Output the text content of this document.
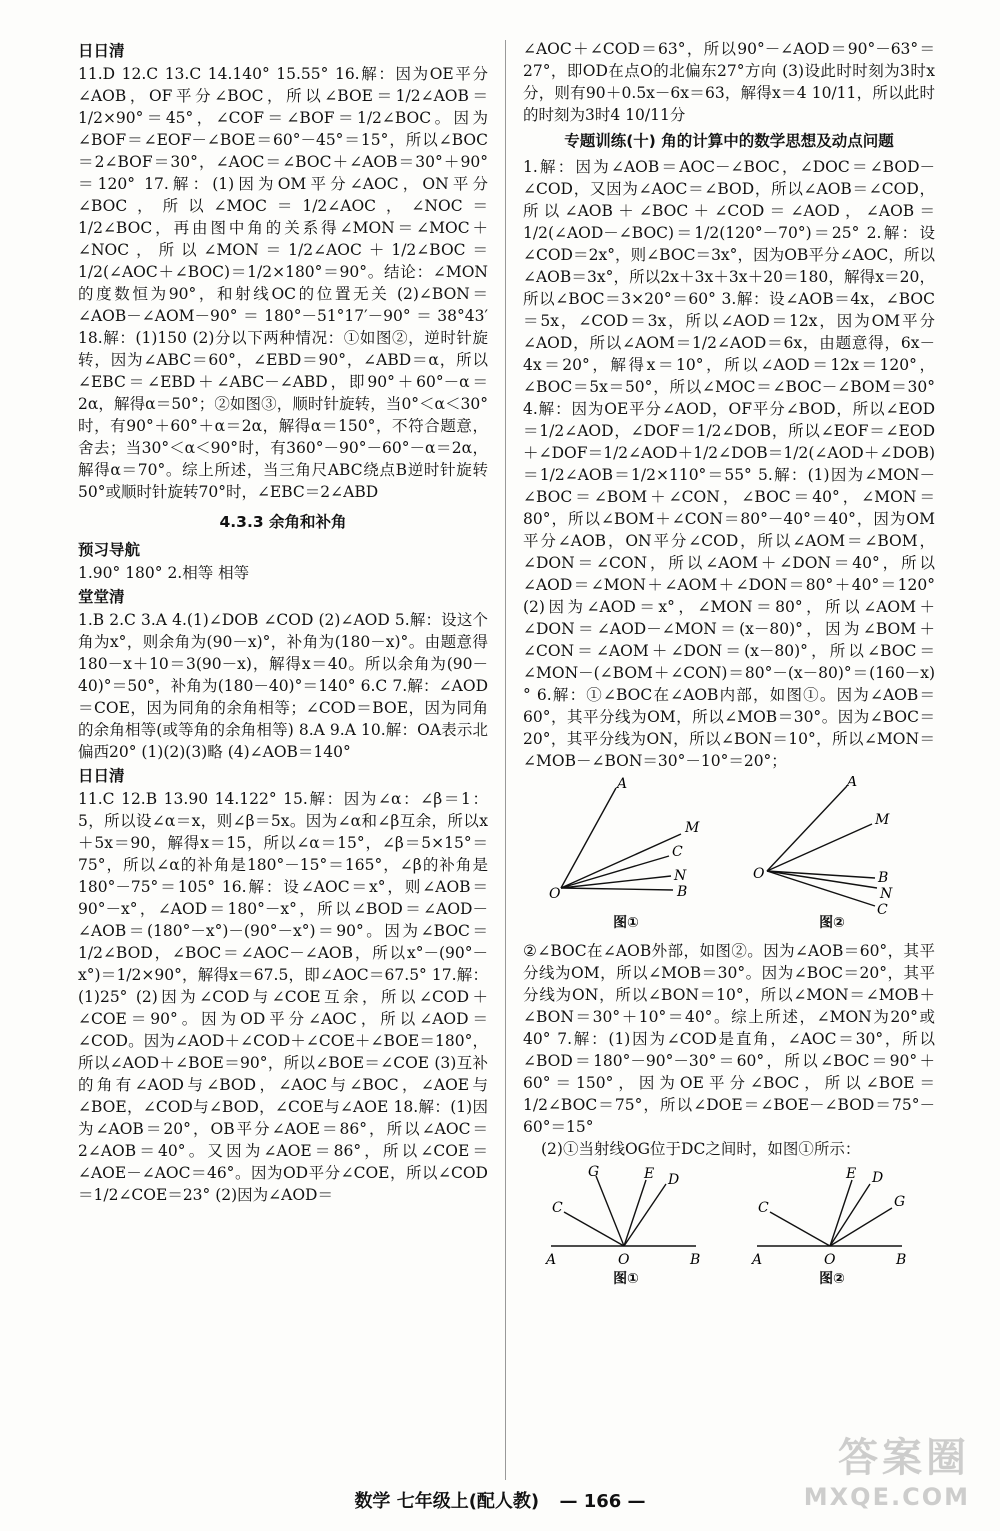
日日清

11.D 12.C 13.C 14.140° 15.55° 16.解：因为OE平分∠AOB，OF平分∠BOC，所以∠BOE＝1/2∠AOB＝1/2×90°＝45°，∠COF＝∠BOF＝1/2∠BOC。因为∠BOF＝∠EOF－∠BOE＝60°－45°＝15°，所以∠BOC＝2∠BOF＝30°，∠AOC＝∠BOC＋∠AOB＝30°＋90°＝120° 17.解：(1)因为OM平分∠AOC，ON平分∠BOC，所以∠MOC＝1/2∠AOC，∠NOC＝1/2∠BOC，再由图中角的关系得∠MON＝∠MOC＋∠NOC，所以∠MON＝1/2∠AOC＋1/2∠BOC＝1/2(∠AOC＋∠BOC)＝1/2×180°＝90°。结论：∠MON的度数恒为90°，和射线OC的位置无关 (2)∠BON＝∠AOB－∠AOM－90°＝180°－51°17′－90°＝38°43′ 18.解：(1)150 (2)分以下两种情况：①如图②，逆时针旋转，因为∠ABC＝60°，∠EBD＝90°，∠ABD＝α，所以∠EBC＝∠EBD＋∠ABC－∠ABD，即90°＋60°－α＝2α，解得α＝50°；②如图③，顺时针旋转，当0°＜α＜30°时，有90°＋60°＋α＝2α，解得α＝150°，不符合题意，舍去；当30°＜α＜90°时，有360°－90°－60°－α＝2α，解得α＝70°。综上所述，当三角尺ABC绕点B逆时针旋转50°或顺时针旋转70°时，∠EBC＝2∠ABD

4.3.3 余角和补角
预习导航

1.90° 180° 2.相等 相等

堂堂清

1.B 2.C 3.A 4.(1)∠DOB ∠COD (2)∠AOD 5.解：设这个角为x°，则余角为(90－x)°，补角为(180－x)°。由题意得180－x＋10＝3(90－x)，解得x＝40。所以余角为(90－40)°＝50°，补角为(180－40)°＝140° 6.C 7.解：∠AOD＝COE，因为同角的余角相等；∠COD＝BOE，因为同角的余角相等(或等角的余角相等) 8.A 9.A 10.解：OA表示北偏西20° (1)(2)(3)略 (4)∠AOB＝140°

日日清

11.C 12.B 13.90 14.122° 15.解：因为∠α：∠β＝1：5，所以设∠α＝x，则∠β＝5x。因为∠α和∠β互余，所以x＋5x＝90，解得x＝15，所以∠α＝15°，∠β＝5×15°＝75°，所以∠α的补角是180°－15°＝165°，∠β的补角是180°－75°＝105° 16.解：设∠AOC＝x°，则∠AOB＝90°－x°，∠AOD＝180°－x°，所以∠BOD＝∠AOD－∠AOB＝(180°－x°)－(90°－x°)＝90°。因为∠BOC＝1/2∠BOD，∠BOC＝∠AOC－∠AOB，所以x°－(90°－x°)＝1/2×90°，解得x＝67.5，即∠AOC＝67.5° 17.解：(1)25° (2)因为∠COD与∠COE互余，所以∠COD＋∠COE＝90°。因为OD平分∠AOC，所以∠AOD＝∠COD。因为∠AOD＋∠COD＋∠COE＋∠BOE＝180°，所以∠AOD＋∠BOE＝90°，所以∠BOE＝∠COE (3)互补的角有∠AOD与∠BOD，∠AOC与∠BOC，∠AOE与∠BOE，∠COD与∠BOD，∠COE与∠AOE 18.解：(1)因为∠AOB＝20°，OB平分∠AOE＝86°，所以∠AOC＝2∠AOB＝40°。又因为∠AOE＝86°，所以∠COE＝∠AOE－∠AOC＝46°。因为OD平分∠COE，所以∠COD＝1/2∠COE＝23° (2)因为∠AOD＝

∠AOC＋∠COD＝63°，所以90°－∠AOD＝90°－63°＝27°，即OD在点O的北偏东27°方向 (3)设此时时刻为3时x分，则有90＋0.5x－6x＝63，解得x＝4 10/11，所以此时的时刻为3时4 10/11分

专题训练(十) 角的计算中的数学思想及动点问题

1.解：因为∠AOB＝AOC－∠BOC，∠DOC＝∠BOD－∠COD，又因为∠AOC＝∠BOD，所以∠AOB＝∠COD，所以∠AOB＋∠BOC＋∠COD＝∠AOD，∠AOB＝1/2(∠AOD－∠BOC)＝1/2(120°－70°)＝25° 2.解：设∠COD＝2x°，则∠BOC＝3x°，因为OB平分∠AOC，所以∠AOB＝3x°，所以2x＋3x＋3x＋20＝180，解得x＝20，所以∠BOC＝3×20°＝60° 3.解：设∠AOB＝4x，∠BOC＝5x，∠COD＝3x，所以∠AOD＝12x，因为OM平分∠AOD，所以∠AOM＝1/2∠AOD＝6x，由题意得，6x－4x＝20°，解得x＝10°，所以∠AOD＝12x＝120°，∠BOC＝5x＝50°，所以∠MOC＝∠BOC－∠BOM＝30° 4.解：因为OE平分∠AOD，OF平分∠BOD，所以∠EOD＝1/2∠AOD，∠DOF＝1/2∠DOB，所以∠EOF＝∠EOD＋∠DOF＝1/2∠AOD＋1/2∠DOB＝1/2(∠AOD＋∠DOB)＝1/2∠AOB＝1/2×110°＝55° 5.解：(1)因为∠MON－∠BOC＝∠BOM＋∠CON，∠BOC＝40°，∠MON＝80°，所以∠BOM＋∠CON＝80°－40°＝40°，因为OM平分∠AOB，ON平分∠COD，所以∠AOM＝∠BOM，∠DON＝∠CON，所以∠AOM＋∠DON＝40°，所以∠AOD＝∠MON＋∠AOM＋∠DON＝80°＋40°＝120° (2)因为∠AOD＝x°，∠MON＝80°，所以∠AOM＋∠DON＝∠AOD－∠MON＝(x－80)°，因为∠BOM＋∠CON＝∠AOM＋∠DON＝(x－80)°，所以∠BOC＝∠MON－(∠BOM＋∠CON)＝80°－(x－80)°＝(160－x)° 6.解：①∠BOC在∠AOB内部，如图①。因为∠AOB＝60°，其平分线为OM，所以∠MOB＝30°。因为∠BOC＝20°，其平分线为ON，所以∠BON＝10°，所以∠MON＝∠MOB－∠BON＝30°－10°＝20°；

O
A
M
C
N
B
图①
O
A
M
B
N
C
图②

②∠BOC在∠AOB外部，如图②。因为∠AOB＝60°，其平分线为OM，所以∠MOB＝30°。因为∠BOC＝20°，其平分线为ON，所以∠BON＝10°，所以∠MON＝∠MOB＋∠BON＝30°＋10°＝40°。综上所述，∠MON为20°或40° 7.解：(1)因为∠COD是直角，∠AOC＝30°，所以∠BOD＝180°－90°－30°＝60°，所以∠BOC＝90°＋60°＝150°，因为OE平分∠BOC，所以∠BOE＝1/2∠BOC＝75°，所以∠DOE＝∠BOE－∠BOD＝75°－60°＝15°

(2)①当射线OG位于DC之间时，如图①所示：

A	O	B
C
G	E D
图①
A	O	B
C
E D
G
图②
数学 七年级上(配人教) — 166 —
答案圈
MXQE.COM
